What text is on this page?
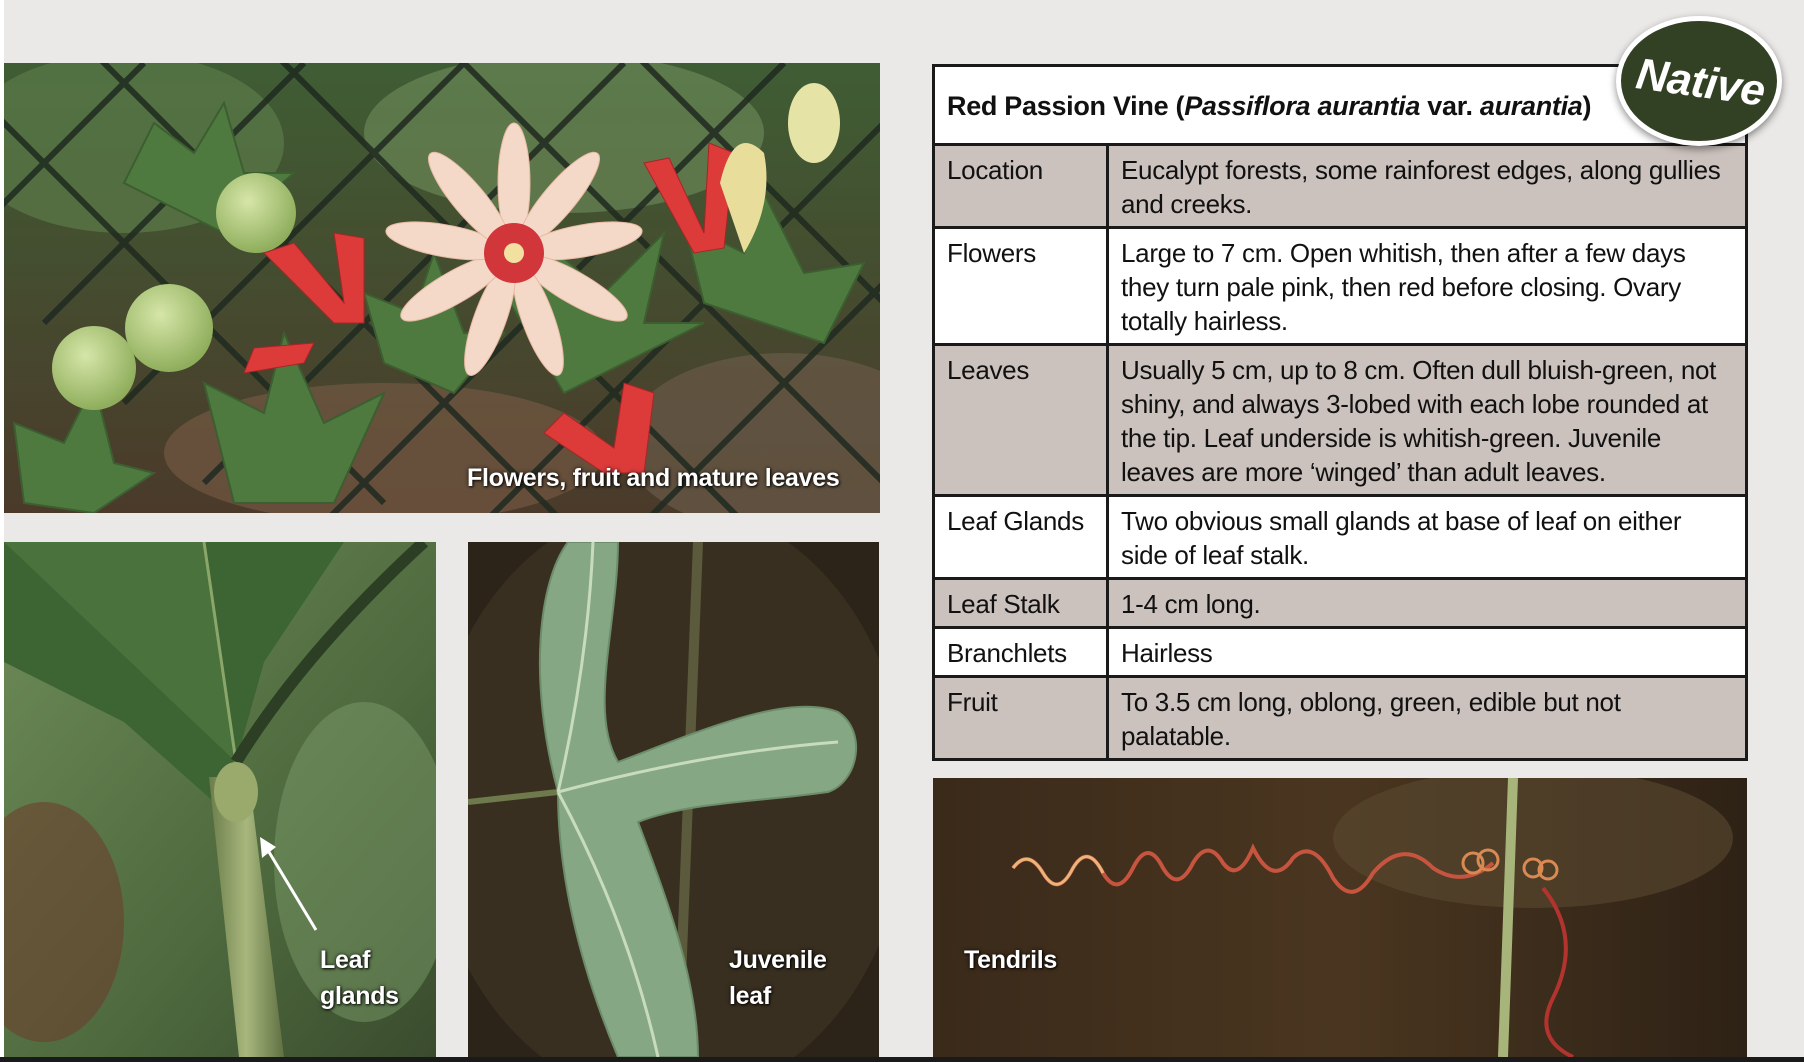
Flowers, fruit and mature leaves
Leaf
glands
Juvenile
leaf
Tendrils
Red Passion Vine (Passiflora aurantia var. aurantia)	
Location	Eucalypt forests, some rainforest edges, along gullies and creeks.
Flowers	Large to 7 cm. Open whitish, then after a few days they turn pale pink, then red before closing. Ovary totally hairless.
Leaves	Usually 5 cm, up to 8 cm. Often dull bluish-green, not shiny, and always 3-lobed with each lobe rounded at the tip. Leaf underside is whitish-green. Juvenile leaves are more ‘winged’ than adult leaves.
Leaf Glands	Two obvious small glands at base of leaf on either side of leaf stalk.
Leaf Stalk	1-4 cm long.
Branchlets	Hairless
Fruit	To 3.5 cm long, oblong, green, edible but not palatable.
Native
